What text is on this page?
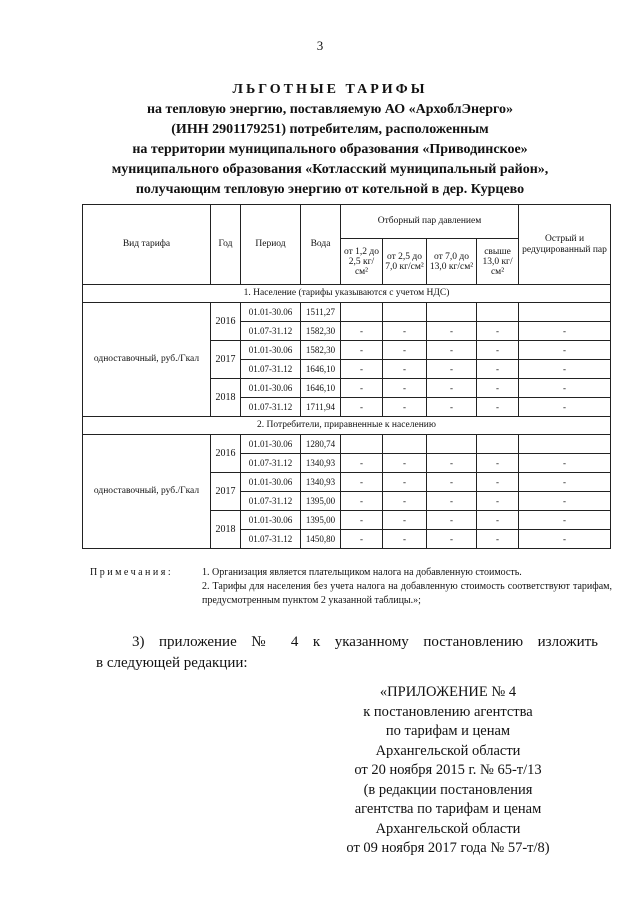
3
ЛЬГОТНЫЕ ТАРИФЫ
на тепловую энергию, поставляемую АО «АрхоблЭнерго»
(ИНН 2901179251) потребителям, расположенным
на территории муниципального образования «Приводинское»
муниципального образования «Котласский муниципальный район»,
получающим тепловую энергию от котельной в дер. Курцево
Вид тарифа	Год	Период	Вода	Отборный пар давлением				Острый и редуцированный пар
				от 1,2 до 2,5 кг/см²	от 2,5 до 7,0 кг/см²	от 7,0 до 13,0 кг/см²	свыше 13,0 кг/см²	
1. Население (тарифы указываются с учетом НДС)								
одноставочный, руб./Гкал	2016	01.01-30.06	1511,27					
		01.07-31.12	1582,30	-	-	-	-	-
	2017	01.01-30.06	1582,30	-	-	-	-	-
		01.07-31.12	1646,10	-	-	-	-	-
	2018	01.01-30.06	1646,10	-	-	-	-	-
		01.07-31.12	1711,94	-	-	-	-	-
2. Потребители, приравненные к населению								
одноставочный, руб./Гкал	2016	01.01-30.06	1280,74					
		01.07-31.12	1340,93	-	-	-	-	-
	2017	01.01-30.06	1340,93	-	-	-	-	-
		01.07-31.12	1395,00	-	-	-	-	-
	2018	01.01-30.06	1395,00	-	-	-	-	-
		01.07-31.12	1450,80	-	-	-	-	-
Примечания:	1. Организация является плательщиком налога на добавленную стоимость.
2. Тарифы для населения без учета налога на добавленную стоимость соответствуют тарифам, предусмотренным пунктом 2 указанной таблицы.»;
3) приложение № 4 к указанному постановлению изложить
в следующей редакции:
«ПРИЛОЖЕНИЕ № 4
к постановлению агентства
по тарифам и ценам
Архангельской области
от 20 ноября 2015 г. № 65-т/13
(в редакции постановления
агентства по тарифам и ценам
Архангельской области
от 09 ноября 2017 года № 57-т/8)
